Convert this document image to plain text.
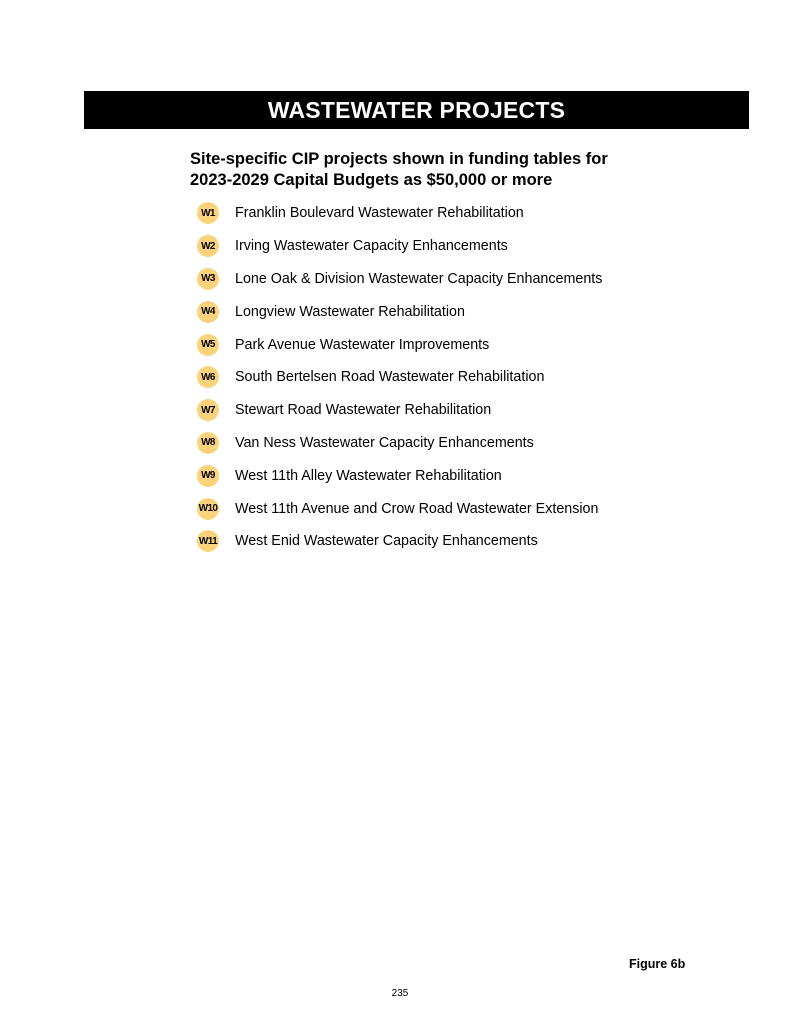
WASTEWATER PROJECTS
Site-specific CIP projects shown in funding tables for
2023-2029 Capital Budgets as $50,000 or more
W1 Franklin Boulevard Wastewater Rehabilitation
W2 Irving Wastewater Capacity Enhancements
W3 Lone Oak & Division Wastewater Capacity Enhancements
W4 Longview Wastewater Rehabilitation
W5 Park Avenue Wastewater Improvements
W6 South Bertelsen Road Wastewater Rehabilitation
W7 Stewart Road Wastewater Rehabilitation
W8 Van Ness Wastewater Capacity Enhancements
W9 West 11th Alley Wastewater Rehabilitation
W10 West 11th Avenue and Crow Road Wastewater Extension
W11 West Enid Wastewater Capacity Enhancements
Figure 6b
235
